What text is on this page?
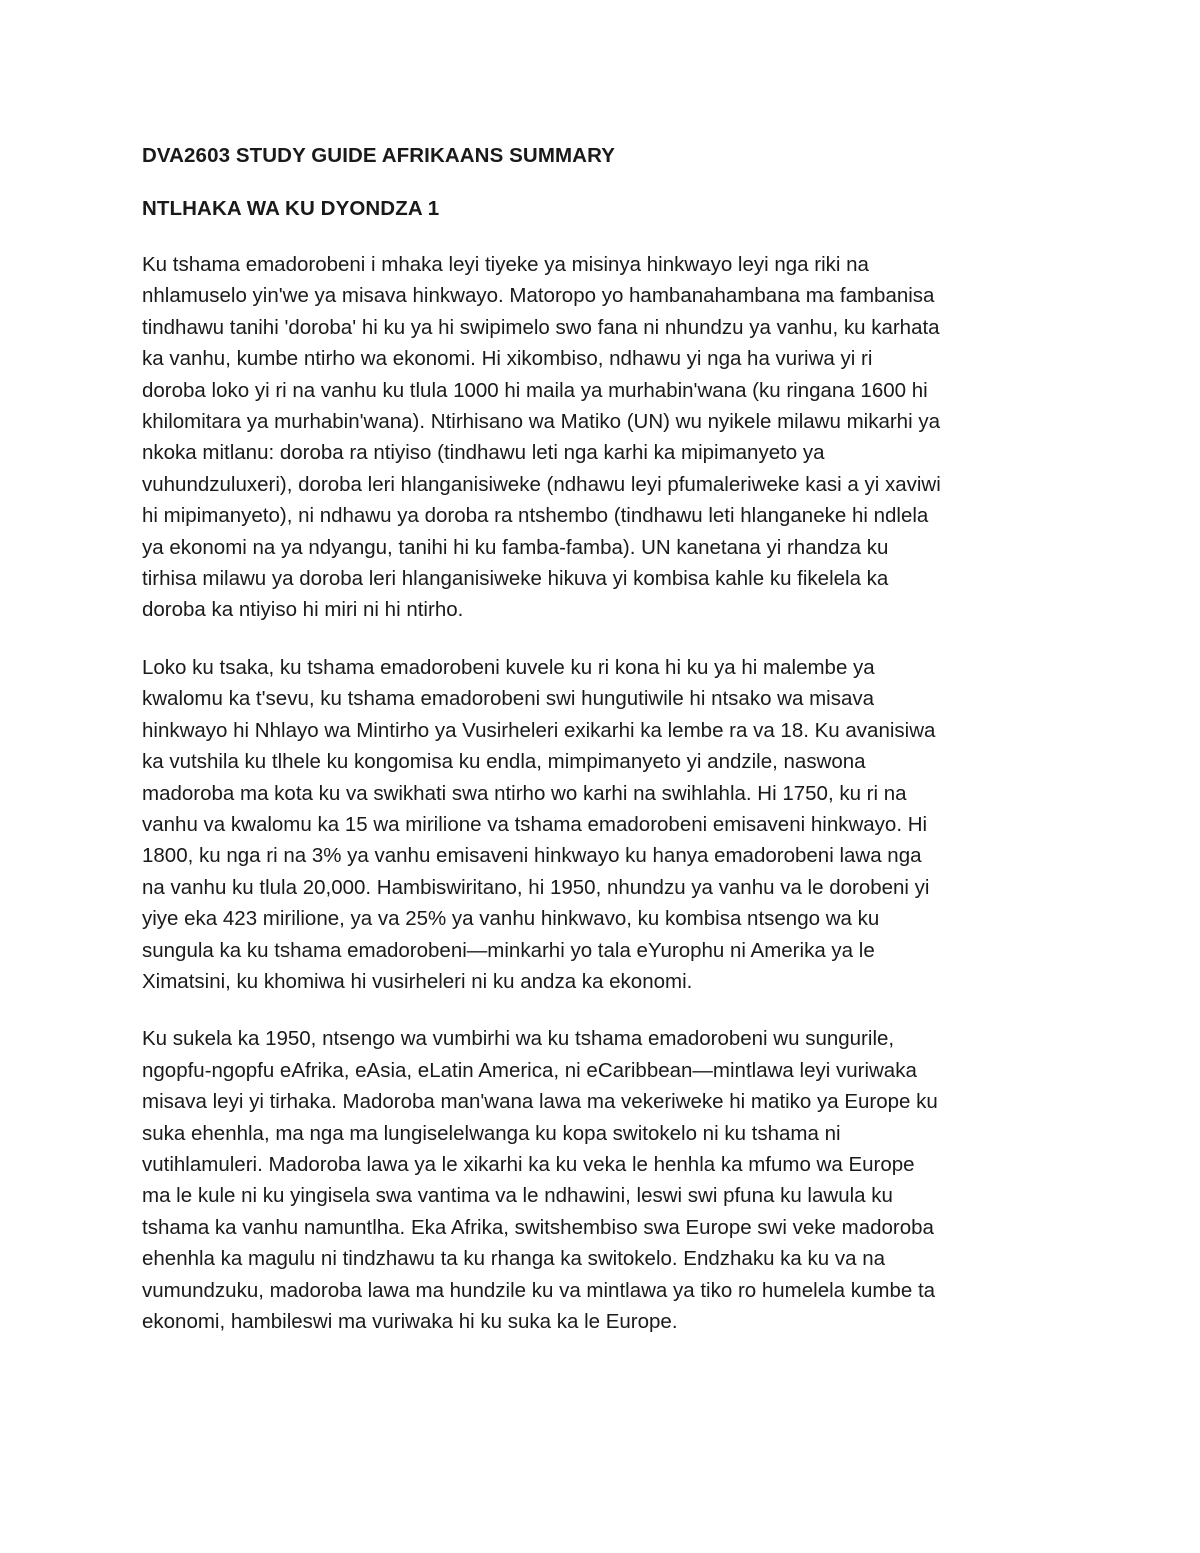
DVA2603 STUDY GUIDE AFRIKAANS SUMMARY
NTLHAKA WA KU DYONDZA 1

Ku tshama emadorobeni i mhaka leyi tiyeke ya misinya hinkwayo leyi nga riki na
nhlamuselo yin'we ya misava hinkwayo. Matoropo yo hambanahambana ma fambanisa
tindhawu tanihi 'doroba' hi ku ya hi swipimelo swo fana ni nhundzu ya vanhu, ku karhata
ka vanhu, kumbe ntirho wa ekonomi. Hi xikombiso, ndhawu yi nga ha vuriwa yi ri
doroba loko yi ri na vanhu ku tlula 1000 hi maila ya murhabin'wana (ku ringana 1600 hi
khilomitara ya murhabin'wana). Ntirhisano wa Matiko (UN) wu nyikele milawu mikarhi ya
nkoka mitlanu: doroba ra ntiyiso (tindhawu leti nga karhi ka mipimanyeto ya
vuhundzuluxeri), doroba leri hlanganisiweke (ndhawu leyi pfumaleriweke kasi a yi xaviwi
hi mipimanyeto), ni ndhawu ya doroba ra ntshembo (tindhawu leti hlanganeke hi ndlela
ya ekonomi na ya ndyangu, tanihi hi ku famba-famba). UN kanetana yi rhandza ku
tirhisa milawu ya doroba leri hlanganisiweke hikuva yi kombisa kahle ku fikelela ka
doroba ka ntiyiso hi miri ni hi ntirho.

Loko ku tsaka, ku tshama emadorobeni kuvele ku ri kona hi ku ya hi malembe ya
kwalomu ka t'sevu, ku tshama emadorobeni swi hungutiwile hi ntsako wa misava
hinkwayo hi Nhlayo wa Mintirho ya Vusirheleri exikarhi ka lembe ra va 18. Ku avanisiwa
ka vutshila ku tlhele ku kongomisa ku endla, mimpimanyeto yi andzile, naswona
madoroba ma kota ku va swikhati swa ntirho wo karhi na swihlahla. Hi 1750, ku ri na
vanhu va kwalomu ka 15 wa mirilione va tshama emadorobeni emisaveni hinkwayo. Hi
1800, ku nga ri na 3% ya vanhu emisaveni hinkwayo ku hanya emadorobeni lawa nga
na vanhu ku tlula 20,000. Hambiswiritano, hi 1950, nhundzu ya vanhu va le dorobeni yi
yiye eka 423 mirilione, ya va 25% ya vanhu hinkwavo, ku kombisa ntsengo wa ku
sungula ka ku tshama emadorobeni—minkarhi yo tala eYurophu ni Amerika ya le
Ximatsini, ku khomiwa hi vusirheleri ni ku andza ka ekonomi.

Ku sukela ka 1950, ntsengo wa vumbirhi wa ku tshama emadorobeni wu sungurile,
ngopfu-ngopfu eAfrika, eAsia, eLatin America, ni eCaribbean—mintlawa leyi vuriwaka
misava leyi yi tirhaka. Madoroba man'wana lawa ma vekeriweke hi matiko ya Europe ku
suka ehenhla, ma nga ma lungiselelwanga ku kopa switokelo ni ku tshama ni
vutihlamuleri. Madoroba lawa ya le xikarhi ka ku veka le henhla ka mfumo wa Europe
ma le kule ni ku yingisela swa vantima va le ndhawini, leswi swi pfuna ku lawula ku
tshama ka vanhu namuntlha. Eka Afrika, switshembiso swa Europe swi veke madoroba
ehenhla ka magulu ni tindzhawu ta ku rhanga ka switokelo. Endzhaku ka ku va na
vumundzuku, madoroba lawa ma hundzile ku va mintlawa ya tiko ro humelela kumbe ta
ekonomi, hambileswi ma vuriwaka hi ku suka ka le Europe.
